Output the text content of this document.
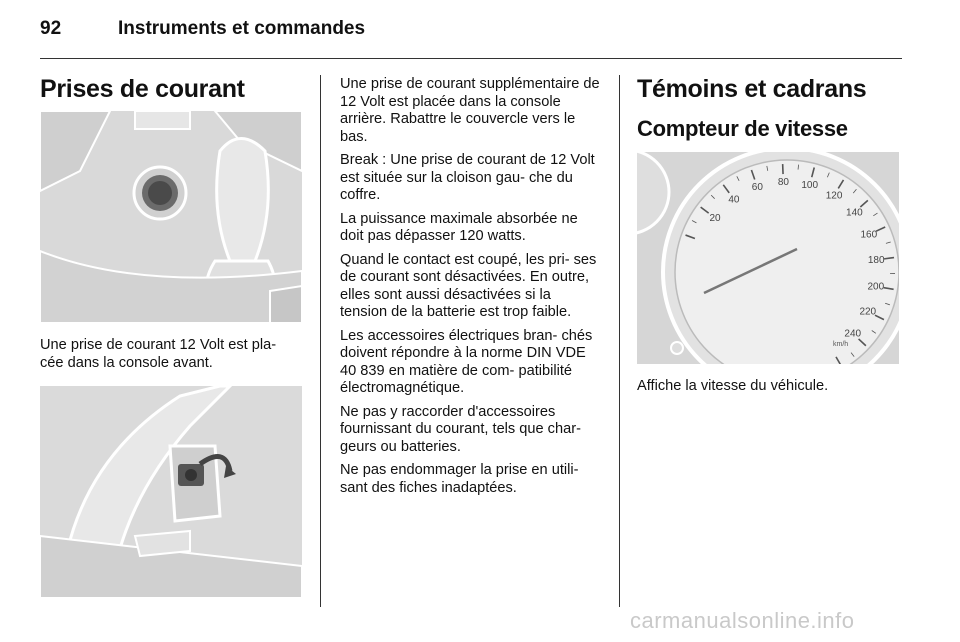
92	Instruments et commandes
Prises de courant

Une prise de courant 12 Volt est pla- cée dans la console avant.

Une prise de courant supplémentaire de 12 Volt est placée dans la console arrière. Rabattre le couvercle vers le bas.

Break : Une prise de courant de 12 Volt est située sur la cloison gau- che du coffre.

La puissance maximale absorbée ne doit pas dépasser 120 watts.

Quand le contact est coupé, les pri- ses de courant sont désactivées. En outre, elles sont aussi désactivées si la tension de la batterie est trop faible.

Les accessoires électriques bran- chés doivent répondre à la norme DIN VDE 40 839 en matière de com- patibilité électromagnétique.

Ne pas y raccorder d'accessoires fournissant du courant, tels que char- geurs ou batteries.

Ne pas endommager la prise en utili- sant des fiches inadaptées.

Témoins et cadrans
Compteur de vitesse
20
40
60 80 100
120
140
160
180
200
220
240
km/h

Affiche la vitesse du véhicule.

carmanualsonline.info
